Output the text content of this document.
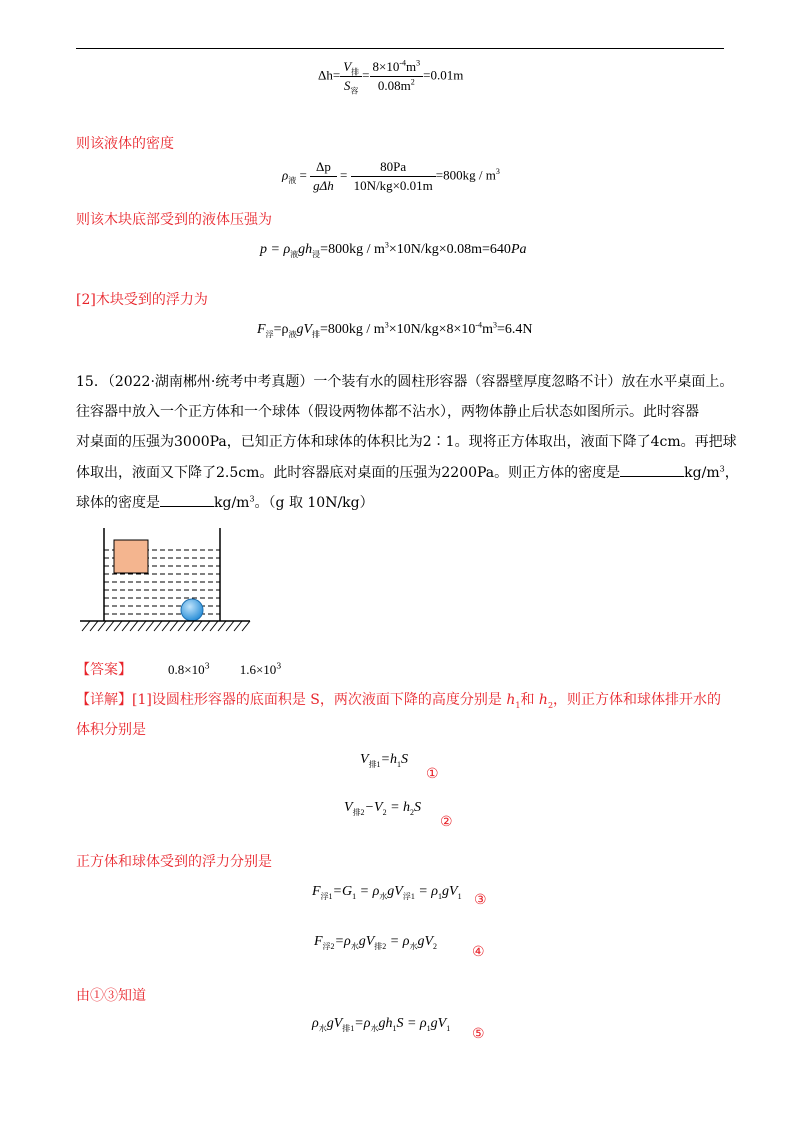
$\Delta h= \frac{V_排}{S_容} = \frac{8\times 10^{-4}m^3}{0.08m^2} =0.01m$
则该液体的密度
$\rho_液 = \frac{\Delta p}{\text{gΔh}} = \frac{80Pa}{10N/kg\times 0.01m} =800kg / m^3$
则该木块底部受到的液体压强为
$p = \rho_液gh_浸=800kg / m^3\times 10N/kg\times 0.08m=640Pa$
[2]木块受到的浮力为
$F_浮=\rho_液gV_排=800kg / m^3\times 10N/kg\times 8\times 10^{-4}m^3=6.4N$
15．（2022·湖南郴州·统考中考真题）一个装有水的圆柱形容器（容器壁厚度忽略不计）放在水平桌面上。
往容器中放入一个正方体和一个球体（假设两物体都不沾水），两物体静止后状态如图所示。此时容器
对桌面的压强为3000Pa，已知正方体和球体的体积比为2∶1。现将正方体取出，液面下降了4cm。再把球
体取出，液面又下降了2.5cm。此时容器底对桌面的压强为2200Pa。则正方体的密度是	$kg/m^3$，
球体的密度是	$kg/m^3$。（g 取 10N/kg）
【答案】	$0.8\times 10^3$ $1.6\times 10^3$
【详解】[1]设圆柱形容器的底面积是 S，两次液面下降的高度分别是 $h_1$和 $h_2$，则正方体和球体排开水的
体积分别是
$V_{排1}=h_1S$
①
$V_{排2}-V_2 = h_2S$
②
正方体和球体受到的浮力分别是
$F_{浮1}=G_1 = \rho_水gV_{浮1} = \rho_1gV_1$ ③
$F_{浮2}=\rho_水gV_{排2} = \rho_水gV_2$ ④
由①③知道
$\rho_水gV_{排1}=\rho_水gh_1S = \rho_1gV_1$ ⑤
